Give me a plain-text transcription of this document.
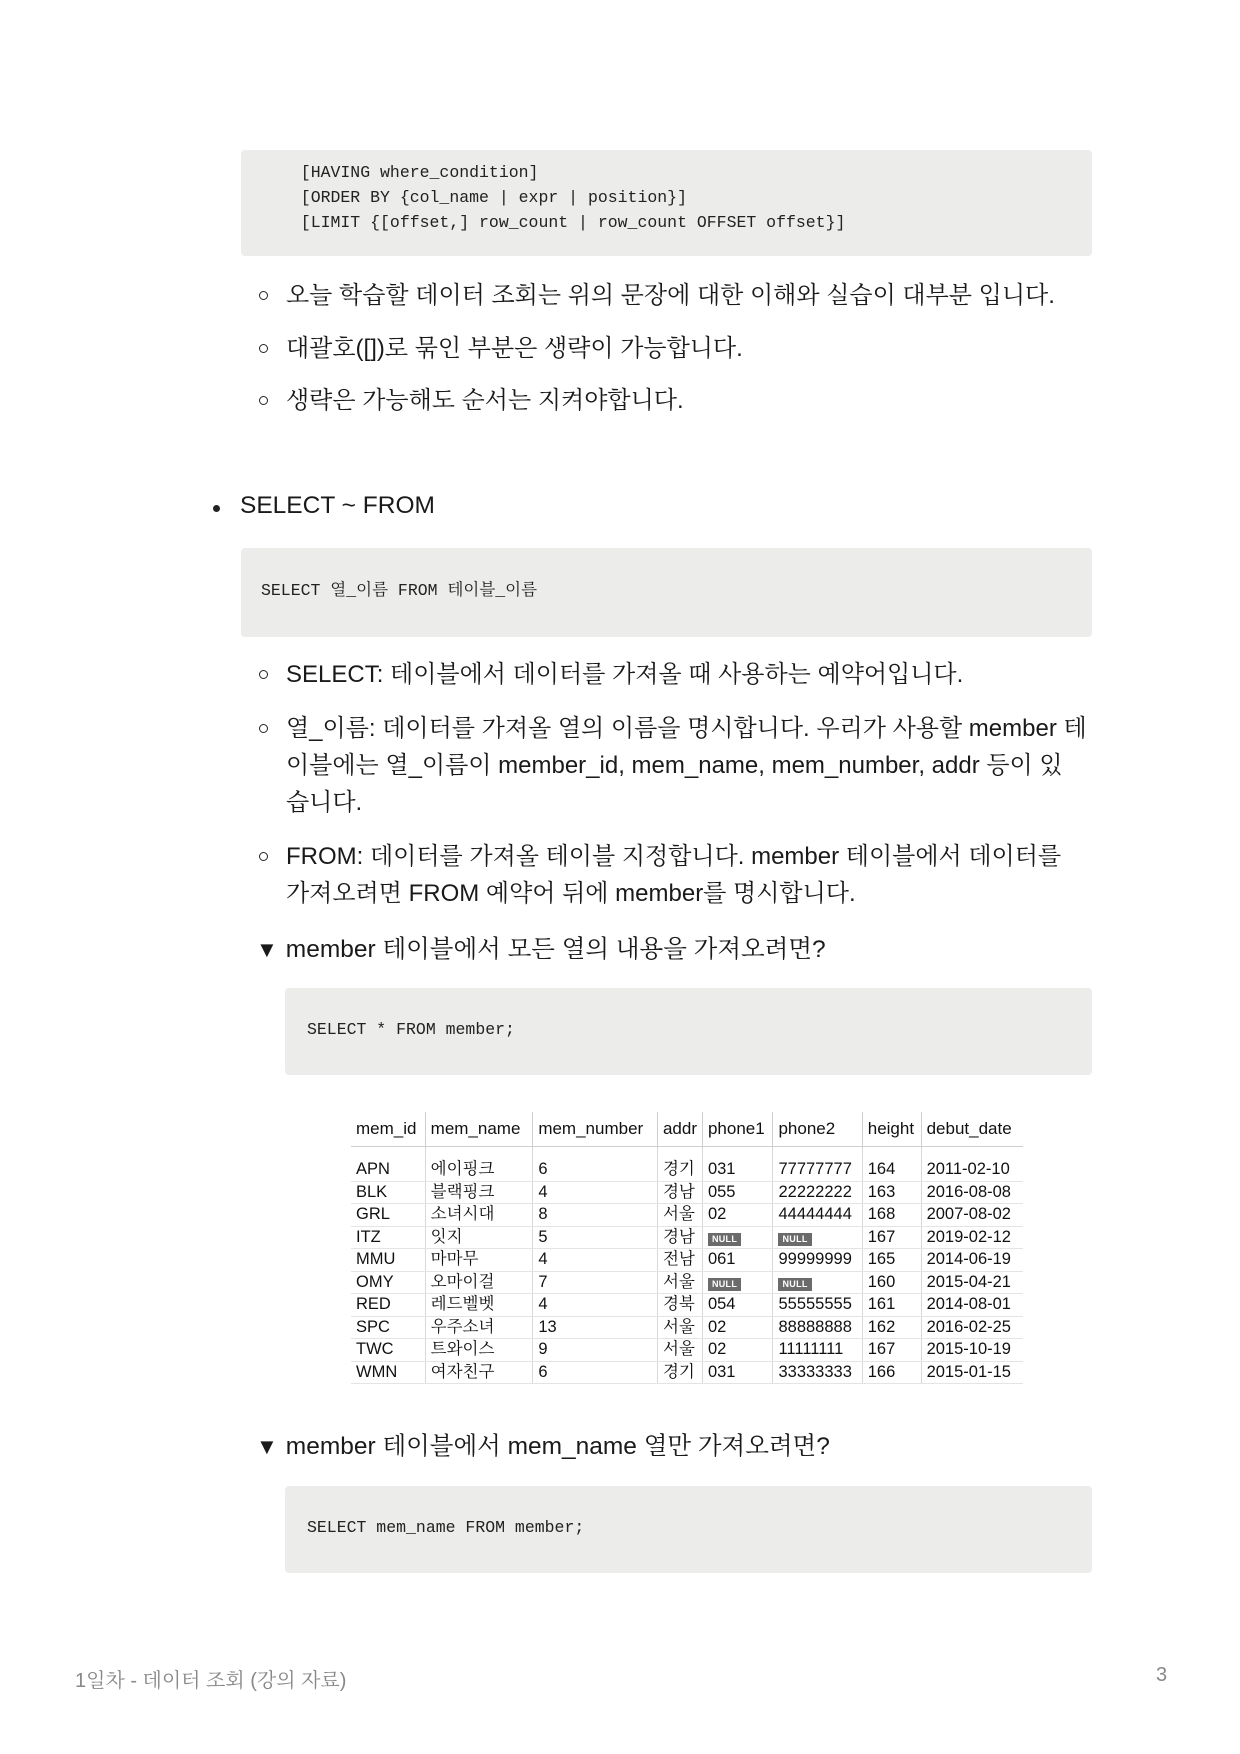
[HAVING where_condition]
[ORDER BY {col_name | expr | position}]
[LIMIT {[offset,] row_count | row_count OFFSET offset}]
오늘 학습할 데이터 조회는 위의 문장에 대한 이해와 실습이 대부분 입니다.
대괄호([])로 묶인 부분은 생략이 가능합니다.
생략은 가능해도 순서는 지켜야합니다.
SELECT ~ FROM
SELECT 열_이름 FROM 테이블_이름
SELECT: 테이블에서 데이터를 가져올 때 사용하는 예약어입니다.
열_이름: 데이터를 가져올 열의 이름을 명시합니다. 우리가 사용할 member 테
이블에는 열_이름이 member_id, mem_name, mem_number, addr 등이 있
습니다.
FROM: 데이터를 가져올 테이블 지정합니다. member 테이블에서 데이터를
가져오려면 FROM 예약어 뒤에 member를 명시합니다.
▼ member 테이블에서 모든 열의 내용을 가져오려면?
SELECT * FROM member;
mem_id	mem_name	mem_number	addr	phone1	phone2	height	debut_date

APN	에이핑크	6	경기	031	77777777	164	2011-02-10
BLK	블랙핑크	4	경남	055	22222222	163	2016-08-08
GRL	소녀시대	8	서울	02	44444444	168	2007-08-02
ITZ	잇지	5	경남	NULL	NULL	167	2019-02-12
MMU	마마무	4	전남	061	99999999	165	2014-06-19
OMY	오마이걸	7	서울	NULL	NULL	160	2015-04-21
RED	레드벨벳	4	경북	054	55555555	161	2014-08-01
SPC	우주소녀	13	서울	02	88888888	162	2016-02-25
TWC	트와이스	9	서울	02	11111111	167	2015-10-19
WMN	여자친구	6	경기	031	33333333	166	2015-01-15
▼ member 테이블에서 mem_name 열만 가져오려면?
SELECT mem_name FROM member;
1일차 - 데이터 조회 (강의 자료)	3
